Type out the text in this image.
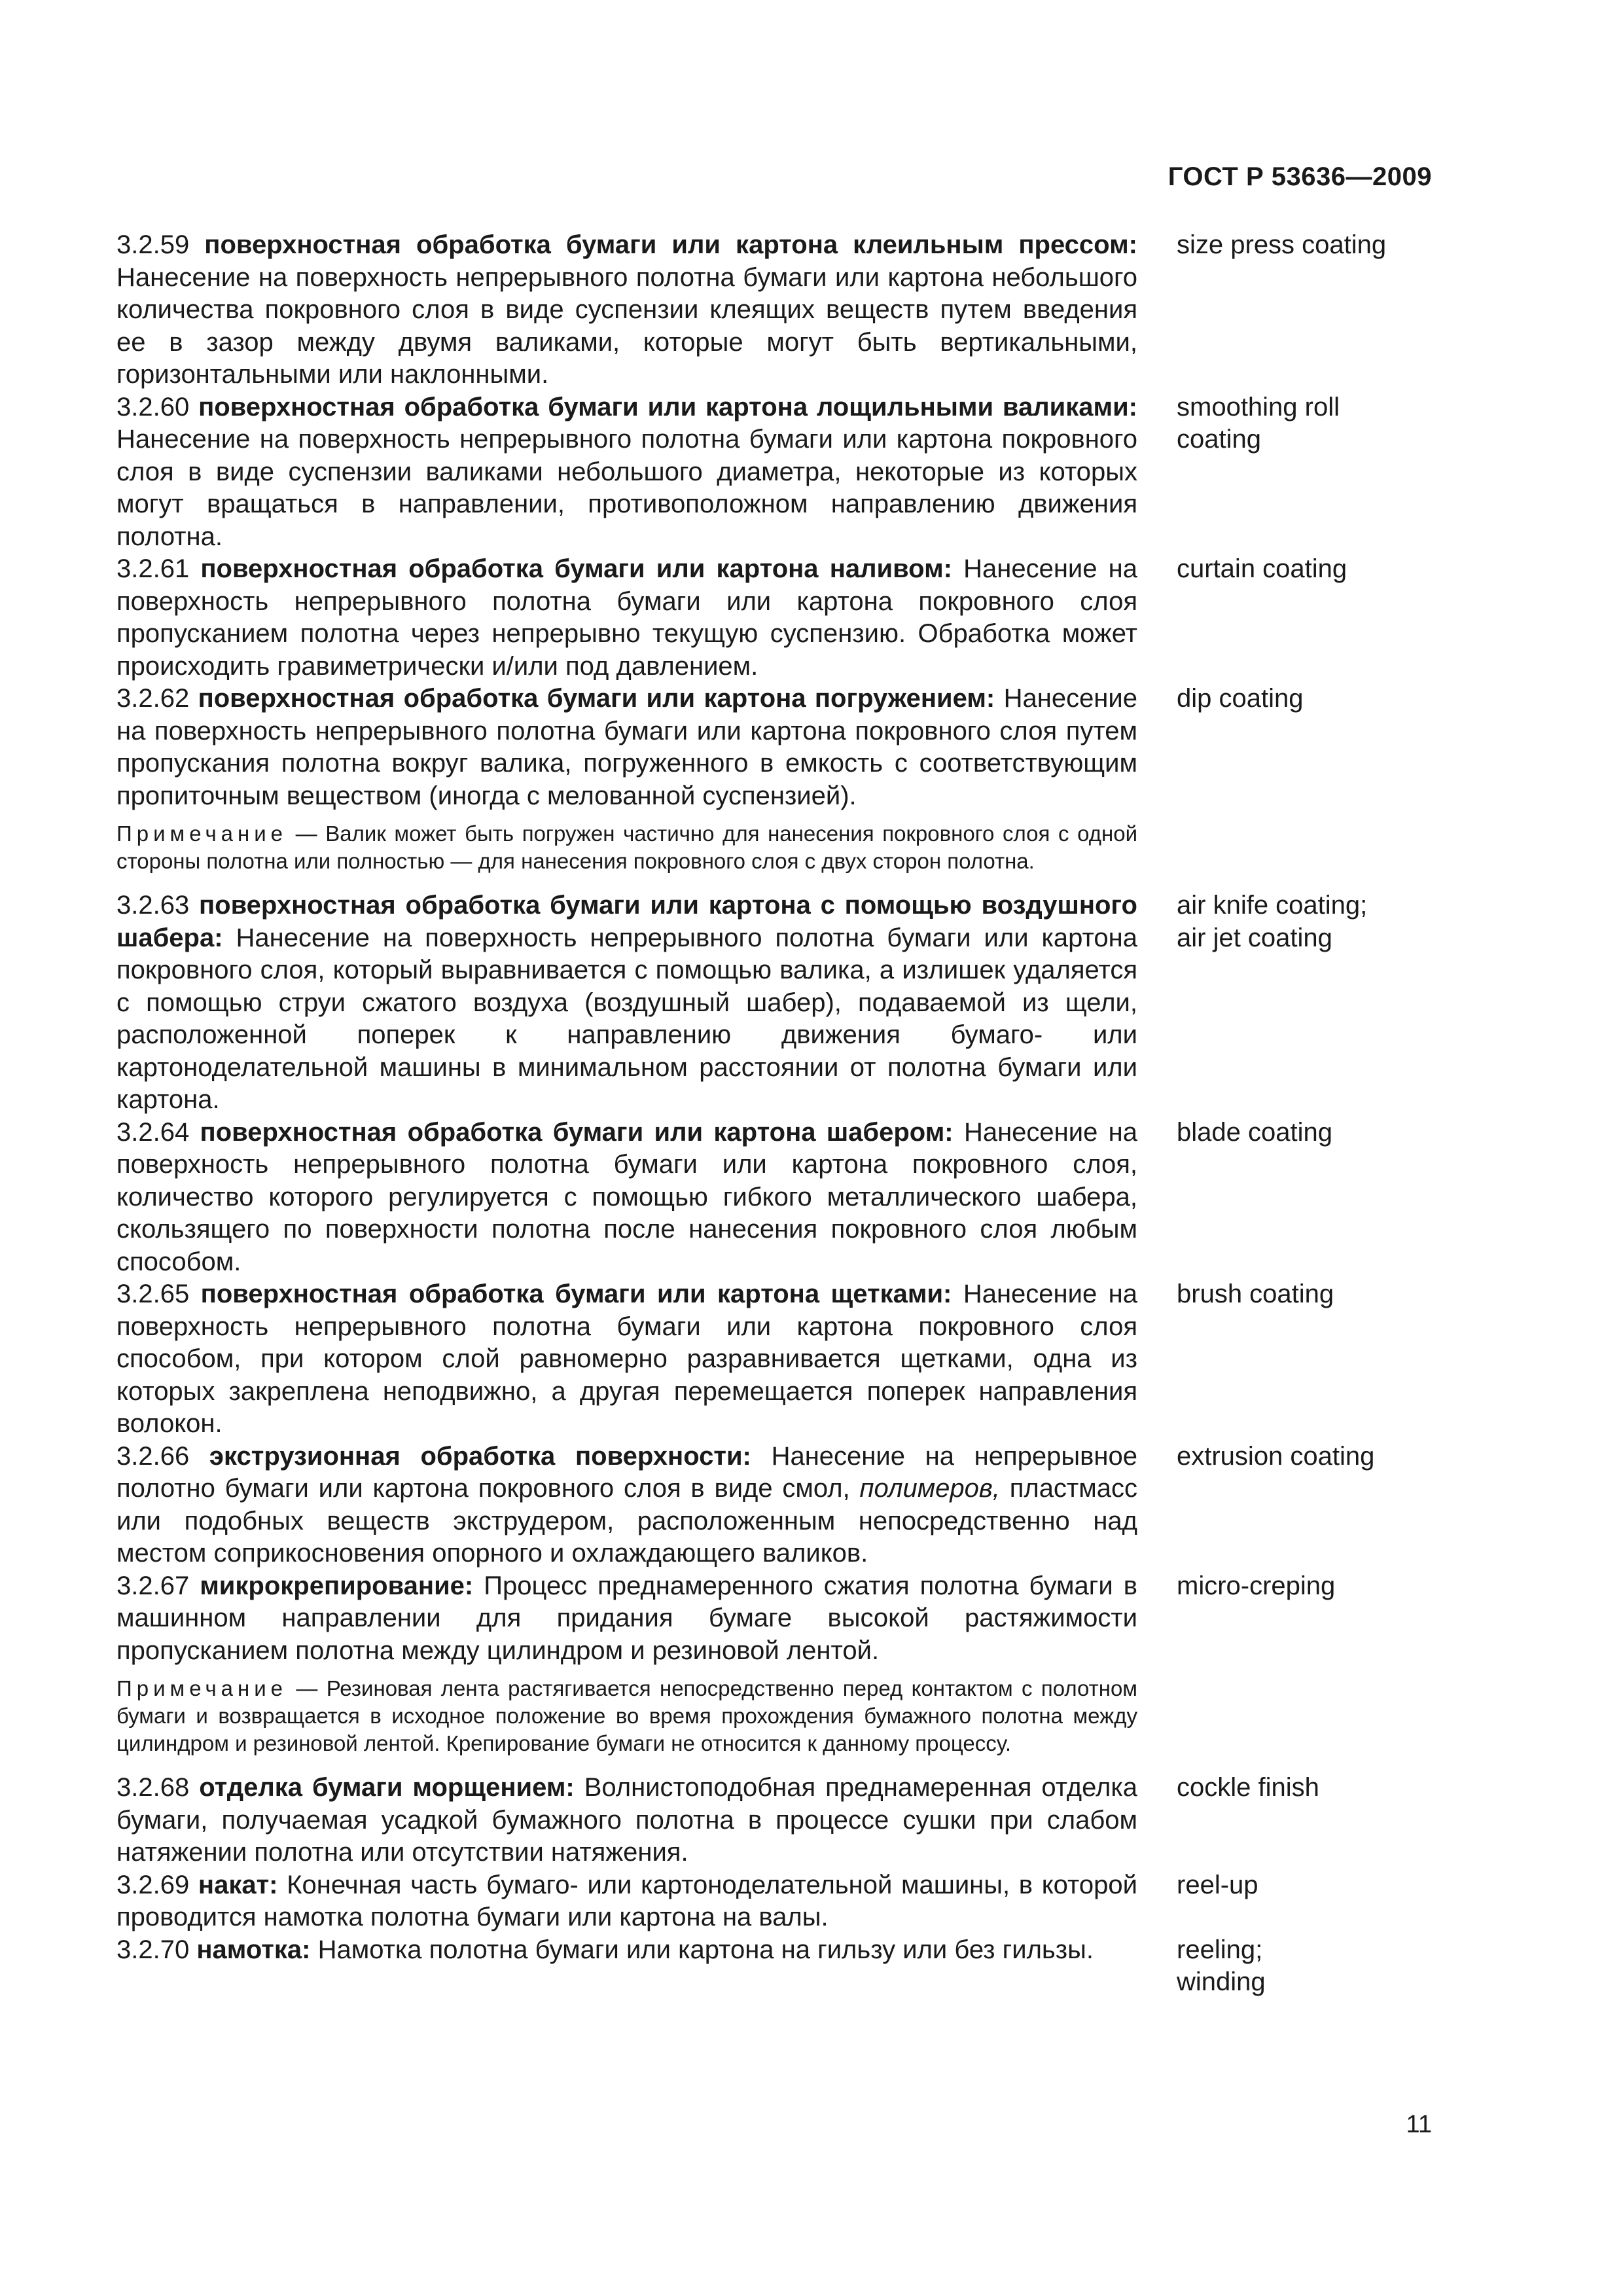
ГОСТ Р 53636—2009
3.2.59 поверхностная обработка бумаги или картона клеильным прессом: Нанесение на поверхность непрерывного полотна бумаги или картона небольшого количества покровного слоя в виде суспензии клеящих веществ путем введения ее в зазор между двумя валиками, которые могут быть вертикальными, горизонтальными или наклонными.
size press coating
3.2.60 поверхностная обработка бумаги или картона лощильными валиками: Нанесение на поверхность непрерывного полотна бумаги или картона покровного слоя в виде суспензии валиками небольшого диаметра, некоторые из которых могут вращаться в направлении, противоположном направлению движения полотна.
smoothing roll
coating
3.2.61 поверхностная обработка бумаги или картона наливом: Нанесение на поверхность непрерывного полотна бумаги или картона покровного слоя пропусканием полотна через непрерывно текущую суспензию. Обработка может происходить гравиметрически и/или под давлением.
curtain coating
3.2.62 поверхностная обработка бумаги или картона погружением: Нанесение на поверхность непрерывного полотна бумаги или картона покровного слоя путем пропускания полотна вокруг валика, погруженного в емкость с соответствующим пропиточным веществом (иногда с мелованной суспензией).
dip coating
Примечание — Валик может быть погружен частично для нанесения покровного слоя с одной стороны полотна или полностью — для нанесения покровного слоя с двух сторон полотна.
3.2.63 поверхностная обработка бумаги или картона с помощью воздушного шабера: Нанесение на поверхность непрерывного полотна бумаги или картона покровного слоя, который выравнивается с помощью валика, а излишек удаляется с помощью струи сжатого воздуха (воздушный шабер), подаваемой из щели, расположенной поперек к направлению движения бумаго- или картоноделательной машины в минимальном расстоянии от полотна бумаги или картона.
air knife coating;
air jet coating
3.2.64 поверхностная обработка бумаги или картона шабером: Нанесение на поверхность непрерывного полотна бумаги или картона покровного слоя, количество которого регулируется с помощью гибкого металлического шабера, скользящего по поверхности полотна после нанесения покровного слоя любым способом.
blade coating
3.2.65 поверхностная обработка бумаги или картона щетками: Нанесение на поверхность непрерывного полотна бумаги или картона покровного слоя способом, при котором слой равномерно разравнивается щетками, одна из которых закреплена неподвижно, а другая перемещается поперек направления волокон.
brush coating
3.2.66 экструзионная обработка поверхности: Нанесение на непрерывное полотно бумаги или картона покровного слоя в виде смол, полимеров, пластмасс или подобных веществ экструдером, расположенным непосредственно над местом соприкосновения опорного и охлаждающего валиков.
extrusion coating
3.2.67 микрокрепирование: Процесс преднамеренного сжатия полотна бумаги в машинном направлении для придания бумаге высокой растяжимости пропусканием полотна между цилиндром и резиновой лентой.
micro-creping
Примечание — Резиновая лента растягивается непосредственно перед контактом с полотном бумаги и возвращается в исходное положение во время прохождения бумажного полотна между цилиндром и резиновой лентой. Крепирование бумаги не относится к данному процессу.
3.2.68 отделка бумаги морщением: Волнистоподобная преднамеренная отделка бумаги, получаемая усадкой бумажного полотна в процессе сушки при слабом натяжении полотна или отсутствии натяжения.
cockle finish
3.2.69 накат: Конечная часть бумаго- или картоноделательной машины, в которой проводится намотка полотна бумаги или картона на валы.
reel-up
3.2.70 намотка: Намотка полотна бумаги или картона на гильзу или без гильзы.	reeling;
winding
11
